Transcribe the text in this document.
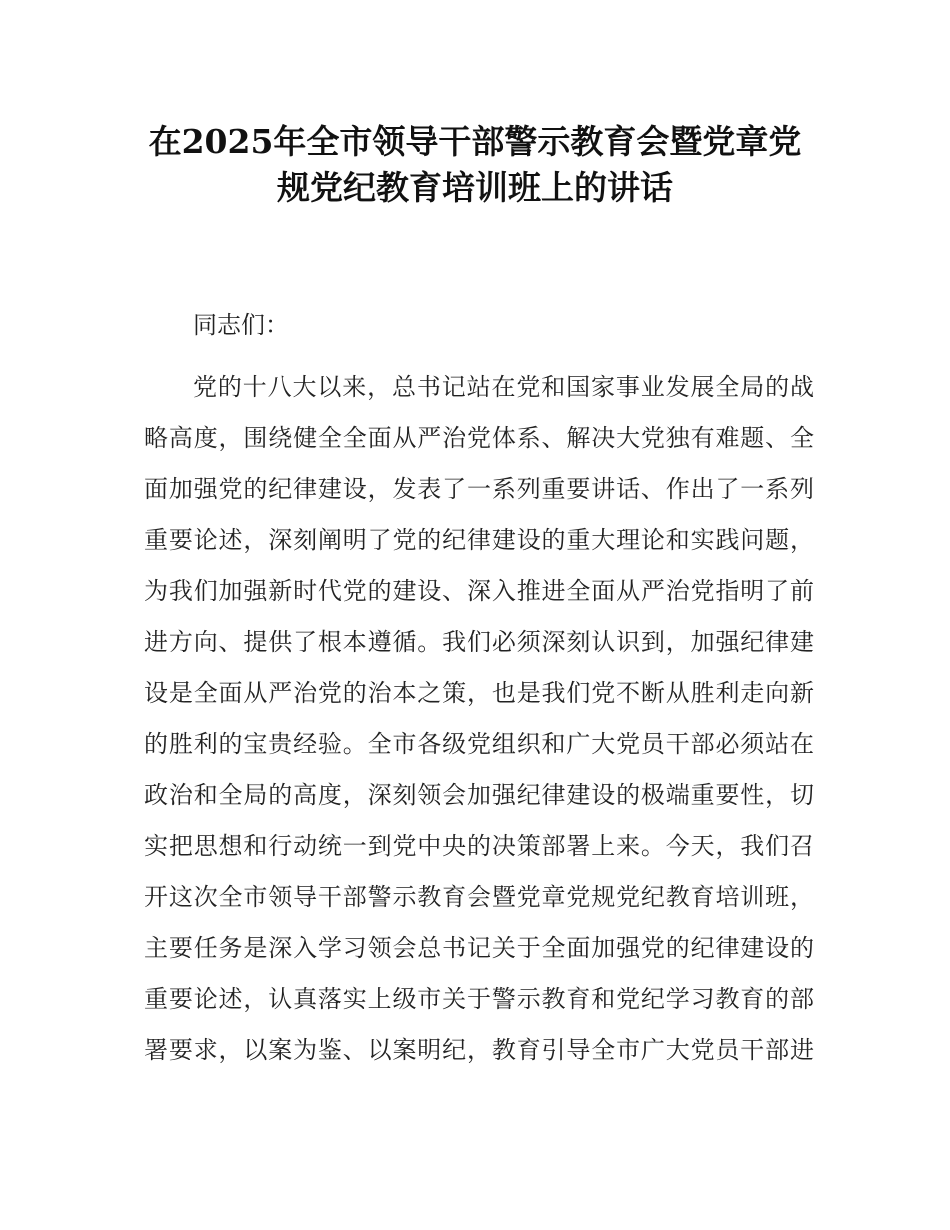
在2025年全市领导干部警示教育会暨党章党
规党纪教育培训班上的讲话

同志们：

党的十八大以来，总书记站在党和国家事业发展全局的战

略高度，围绕健全全面从严治党体系、解决大党独有难题、全

面加强党的纪律建设，发表了一系列重要讲话、作出了一系列

重要论述，深刻阐明了党的纪律建设的重大理论和实践问题，

为我们加强新时代党的建设、深入推进全面从严治党指明了前

进方向、提供了根本遵循。我们必须深刻认识到，加强纪律建

设是全面从严治党的治本之策，也是我们党不断从胜利走向新

的胜利的宝贵经验。全市各级党组织和广大党员干部必须站在

政治和全局的高度，深刻领会加强纪律建设的极端重要性，切

实把思想和行动统一到党中央的决策部署上来。今天，我们召

开这次全市领导干部警示教育会暨党章党规党纪教育培训班，

主要任务是深入学习领会总书记关于全面加强党的纪律建设的

重要论述，认真落实上级市关于警示教育和党纪学习教育的部

署要求，以案为鉴、以案明纪，教育引导全市广大党员干部进
